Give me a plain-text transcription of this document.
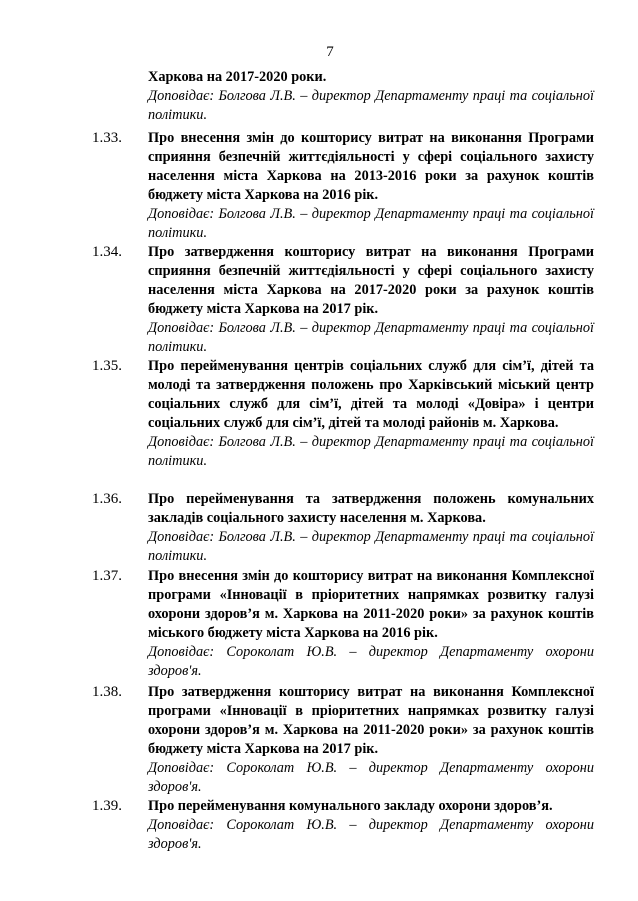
7

Харкова на 2017-2020 роки.

Доповідає: Болгова Л.В. – директор Департаменту праці та соціальної політики.

1.33. Про внесення змін до кошторису витрат на виконання Програми сприяння безпечній життєдіяльності у сфері соціального захисту населення міста Харкова на 2013-2016 роки за рахунок коштів бюджету міста Харкова на 2016 рік.

Доповідає: Болгова Л.В. – директор Департаменту праці та соціальної політики.

1.34. Про затвердження кошторису витрат на виконання Програми сприяння безпечній життєдіяльності у сфері соціального захисту населення міста Харкова на 2017-2020 роки за рахунок коштів бюджету міста Харкова на 2017 рік.

Доповідає: Болгова Л.В. – директор Департаменту праці та соціальної політики.

1.35. Про перейменування центрів соціальних служб для сім’ї, дітей та молоді та затвердження положень про Харківський міський центр соціальних служб для сім’ї, дітей та молоді «Довіра» і центри соціальних служб для сім’ї, дітей та молоді районів м. Харкова.

Доповідає: Болгова Л.В. – директор Департаменту праці та соціальної політики.

1.36. Про перейменування та затвердження положень комунальних закладів соціального захисту населення м. Харкова.

Доповідає: Болгова Л.В. – директор Департаменту праці та соціальної політики.

1.37. Про внесення змін до кошторису витрат на виконання Комплексної програми «Інновації в пріоритетних напрямках розвитку галузі охорони здоров’я м. Харкова на 2011-2020 роки» за рахунок коштів міського бюджету міста Харкова на 2016 рік.

Доповідає: Сороколат Ю.В. – директор Департаменту охорони здоров'я.

1.38. Про затвердження кошторису витрат на виконання Комплексної програми «Інновації в пріоритетних напрямках розвитку галузі охорони здоров’я м. Харкова на 2011-2020 роки» за рахунок коштів бюджету міста Харкова на 2017 рік.

Доповідає: Сороколат Ю.В. – директор Департаменту охорони здоров'я.

1.39. Про перейменування комунального закладу охорони здоров’я.

Доповідає: Сороколат Ю.В. – директор Департаменту охорони здоров'я.
